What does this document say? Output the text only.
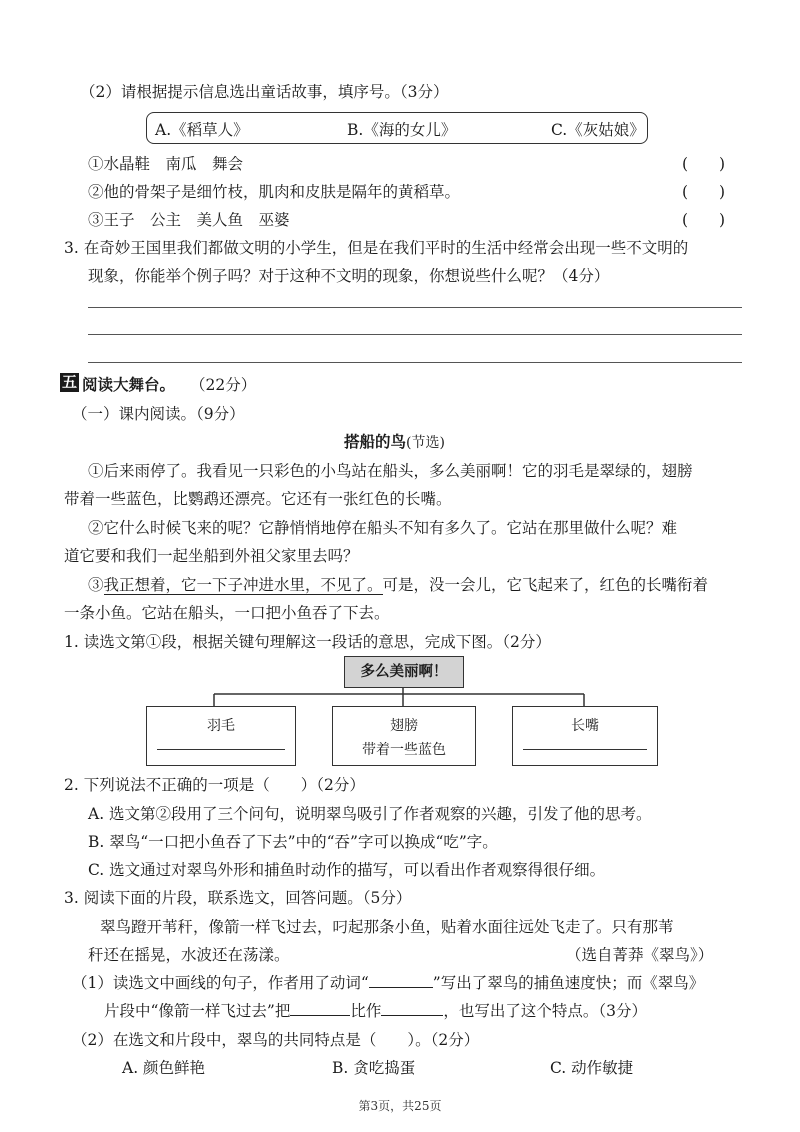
（2）请根据提示信息选出童话故事，填序号。（3分）
A.《稻草人》	B.《海的女儿》	C.《灰姑娘》
①水晶鞋　南瓜　舞会	(　　)
②他的骨架子是细竹枝，肌肉和皮肤是隔年的黄稻草。	(　　)
③王子　公主　美人鱼　巫婆	(　　)
3. 在奇妙王国里我们都做文明的小学生，但是在我们平时的生活中经常会出现一些不文明的
现象，你能举个例子吗？对于这种不文明的现象，你想说些什么呢？（4分）
五 阅读大舞台。 （22分）
（一）课内阅读。（9分）
搭船的鸟(节选)
①后来雨停了。我看见一只彩色的小鸟站在船头，多么美丽啊！它的羽毛是翠绿的，翅膀
带着一些蓝色，比鹦鹉还漂亮。它还有一张红色的长嘴。
②它什么时候飞来的呢？它静悄悄地停在船头不知有多久了。它站在那里做什么呢？难
道它要和我们一起坐船到外祖父家里去吗？
③我正想着，它一下子冲进水里，不见了。可是，没一会儿，它飞起来了，红色的长嘴衔着
一条小鱼。它站在船头，一口把小鱼吞了下去。
1. 读选文第①段，根据关键句理解这一段话的意思，完成下图。（2分）
多么美丽啊！
羽毛	翅膀
带着一些蓝色
长嘴
2. 下列说法不正确的一项是（　　）（2分）
A. 选文第②段用了三个问句，说明翠鸟吸引了作者观察的兴趣，引发了他的思考。
B. 翠鸟“一口把小鱼吞了下去”中的“吞”字可以换成“吃”字。
C. 选文通过对翠鸟外形和捕鱼时动作的描写，可以看出作者观察得很仔细。
3. 阅读下面的片段，联系选文，回答问题。（5分）
翠鸟蹬开苇秆，像箭一样飞过去，叼起那条小鱼，贴着水面往远处飞走了。只有那苇
秆还在摇晃，水波还在荡漾。	（选自菁莽《翠鸟》）
（1）读选文中画线的句子，作者用了动词“	”写出了翠鸟的捕鱼速度快；而《翠鸟》
片段中“像箭一样飞过去”把	比作	，也写出了这个特点。（3分）
（2）在选文和片段中，翠鸟的共同特点是（　　）。（2分）
A. 颜色鲜艳	B. 贪吃捣蛋	C. 动作敏捷
第3页，共25页
